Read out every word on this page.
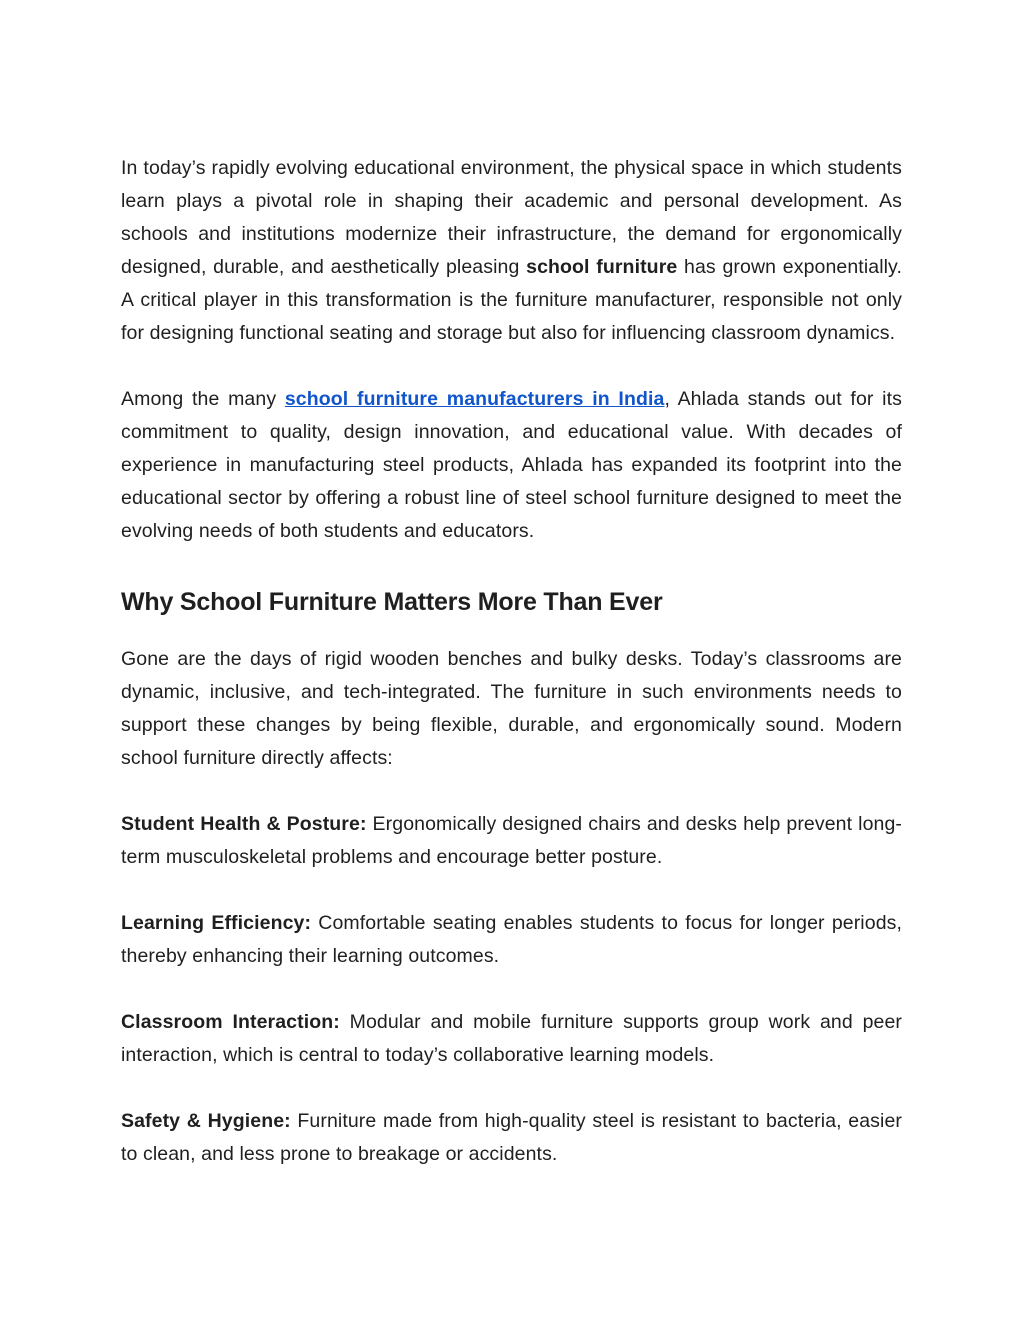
In today’s rapidly evolving educational environment, the physical space in which students learn plays a pivotal role in shaping their academic and personal development. As schools and institutions modernize their infrastructure, the demand for ergonomically designed, durable, and aesthetically pleasing school furniture has grown exponentially. A critical player in this transformation is the furniture manufacturer, responsible not only for designing functional seating and storage but also for influencing classroom dynamics.

Among the many school furniture manufacturers in India, Ahlada stands out for its commitment to quality, design innovation, and educational value. With decades of experience in manufacturing steel products, Ahlada has expanded its footprint into the educational sector by offering a robust line of steel school furniture designed to meet the evolving needs of both students and educators.

Why School Furniture Matters More Than Ever

Gone are the days of rigid wooden benches and bulky desks. Today’s classrooms are dynamic, inclusive, and tech-integrated. The furniture in such environments needs to support these changes by being flexible, durable, and ergonomically sound. Modern school furniture directly affects:

Student Health & Posture: Ergonomically designed chairs and desks help prevent long-term musculoskeletal problems and encourage better posture.

Learning Efficiency: Comfortable seating enables students to focus for longer periods, thereby enhancing their learning outcomes.

Classroom Interaction: Modular and mobile furniture supports group work and peer interaction, which is central to today’s collaborative learning models.

Safety & Hygiene: Furniture made from high-quality steel is resistant to bacteria, easier to clean, and less prone to breakage or accidents.
